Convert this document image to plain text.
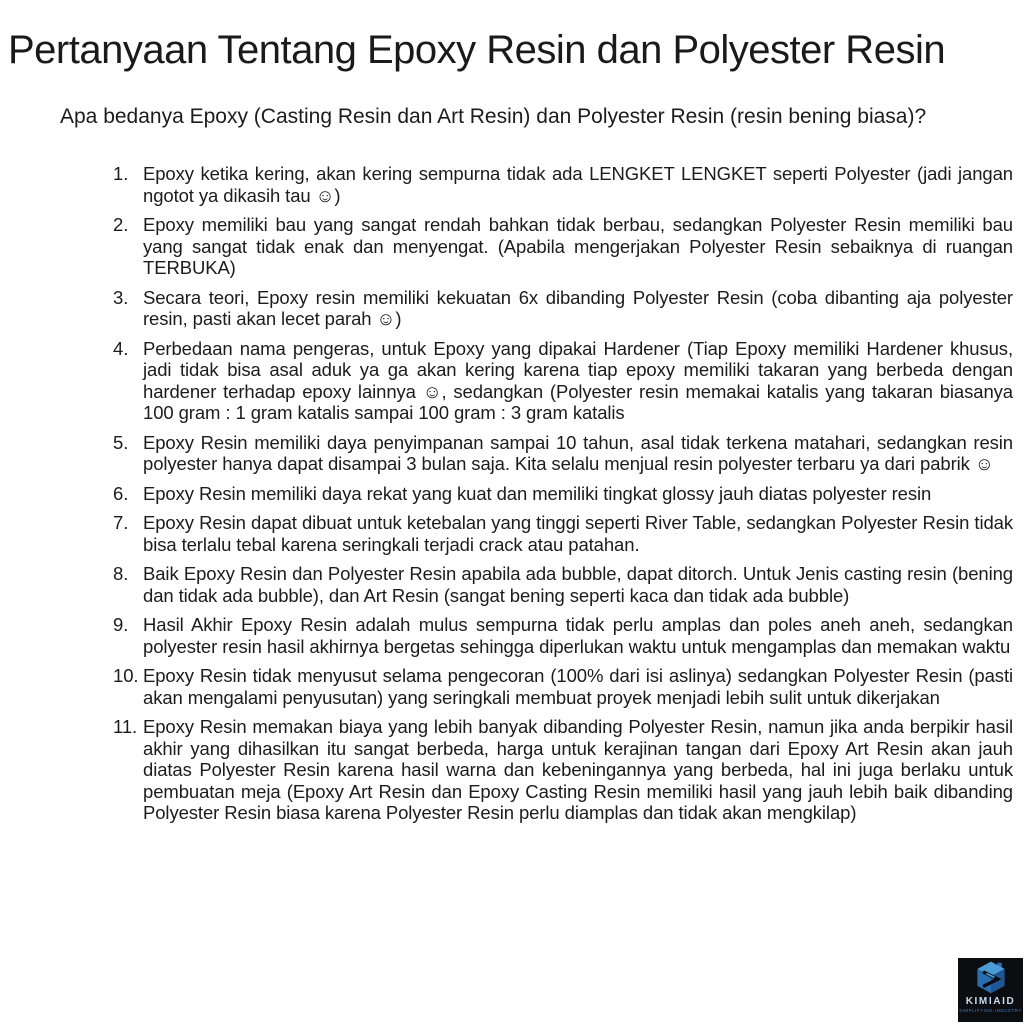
Pertanyaan Tentang Epoxy Resin dan Polyester Resin

Apa bedanya Epoxy (Casting Resin dan Art Resin) dan Polyester Resin (resin bening biasa)?

1. Epoxy ketika kering, akan kering sempurna tidak ada LENGKET LENGKET seperti Polyester (jadi jangan ngotot ya dikasih tau ☺)
2. Epoxy memiliki bau yang sangat rendah bahkan tidak berbau, sedangkan Polyester Resin memiliki bau yang sangat tidak enak dan menyengat. (Apabila mengerjakan Polyester Resin sebaiknya di ruangan TERBUKA)
3. Secara teori, Epoxy resin memiliki kekuatan 6x dibanding Polyester Resin (coba dibanting aja polyester resin, pasti akan lecet parah ☺)
4. Perbedaan nama pengeras, untuk Epoxy yang dipakai Hardener (Tiap Epoxy memiliki Hardener khusus, jadi tidak bisa asal aduk ya ga akan kering karena tiap epoxy memiliki takaran yang berbeda dengan hardener terhadap epoxy lainnya ☺, sedangkan (Polyester resin memakai katalis yang takaran biasanya 100 gram : 1 gram katalis sampai 100 gram : 3 gram katalis
5. Epoxy Resin memiliki daya penyimpanan sampai 10 tahun, asal tidak terkena matahari, sedangkan resin polyester hanya dapat disampai 3 bulan saja. Kita selalu menjual resin polyester terbaru ya dari pabrik ☺
6. Epoxy Resin memiliki daya rekat yang kuat dan memiliki tingkat glossy jauh diatas polyester resin
7. Epoxy Resin dapat dibuat untuk ketebalan yang tinggi seperti River Table, sedangkan Polyester Resin tidak bisa terlalu tebal karena seringkali terjadi crack atau patahan.
8. Baik Epoxy Resin dan Polyester Resin apabila ada bubble, dapat ditorch. Untuk Jenis casting resin (bening dan tidak ada bubble), dan Art Resin (sangat bening seperti kaca dan tidak ada bubble)
9. Hasil Akhir Epoxy Resin adalah mulus sempurna tidak perlu amplas dan poles aneh aneh, sedangkan polyester resin hasil akhirnya bergetas sehingga diperlukan waktu untuk mengamplas dan memakan waktu
10. Epoxy Resin tidak menyusut selama pengecoran (100% dari isi aslinya) sedangkan Polyester Resin (pasti akan mengalami penyusutan) yang seringkali membuat proyek menjadi lebih sulit untuk dikerjakan
11. Epoxy Resin memakan biaya yang lebih banyak dibanding Polyester Resin, namun jika anda berpikir hasil akhir yang dihasilkan itu sangat berbeda, harga untuk kerajinan tangan dari Epoxy Art Resin akan jauh diatas Polyester Resin karena hasil warna dan kebeningannya yang berbeda, hal ini juga berlaku untuk pembuatan meja (Epoxy Art Resin dan Epoxy Casting Resin memiliki hasil yang jauh lebih baik dibanding Polyester Resin biasa karena Polyester Resin perlu diamplas dan tidak akan mengkilap)
KIMIAID
SIMPLIFYING INDUSTRY
